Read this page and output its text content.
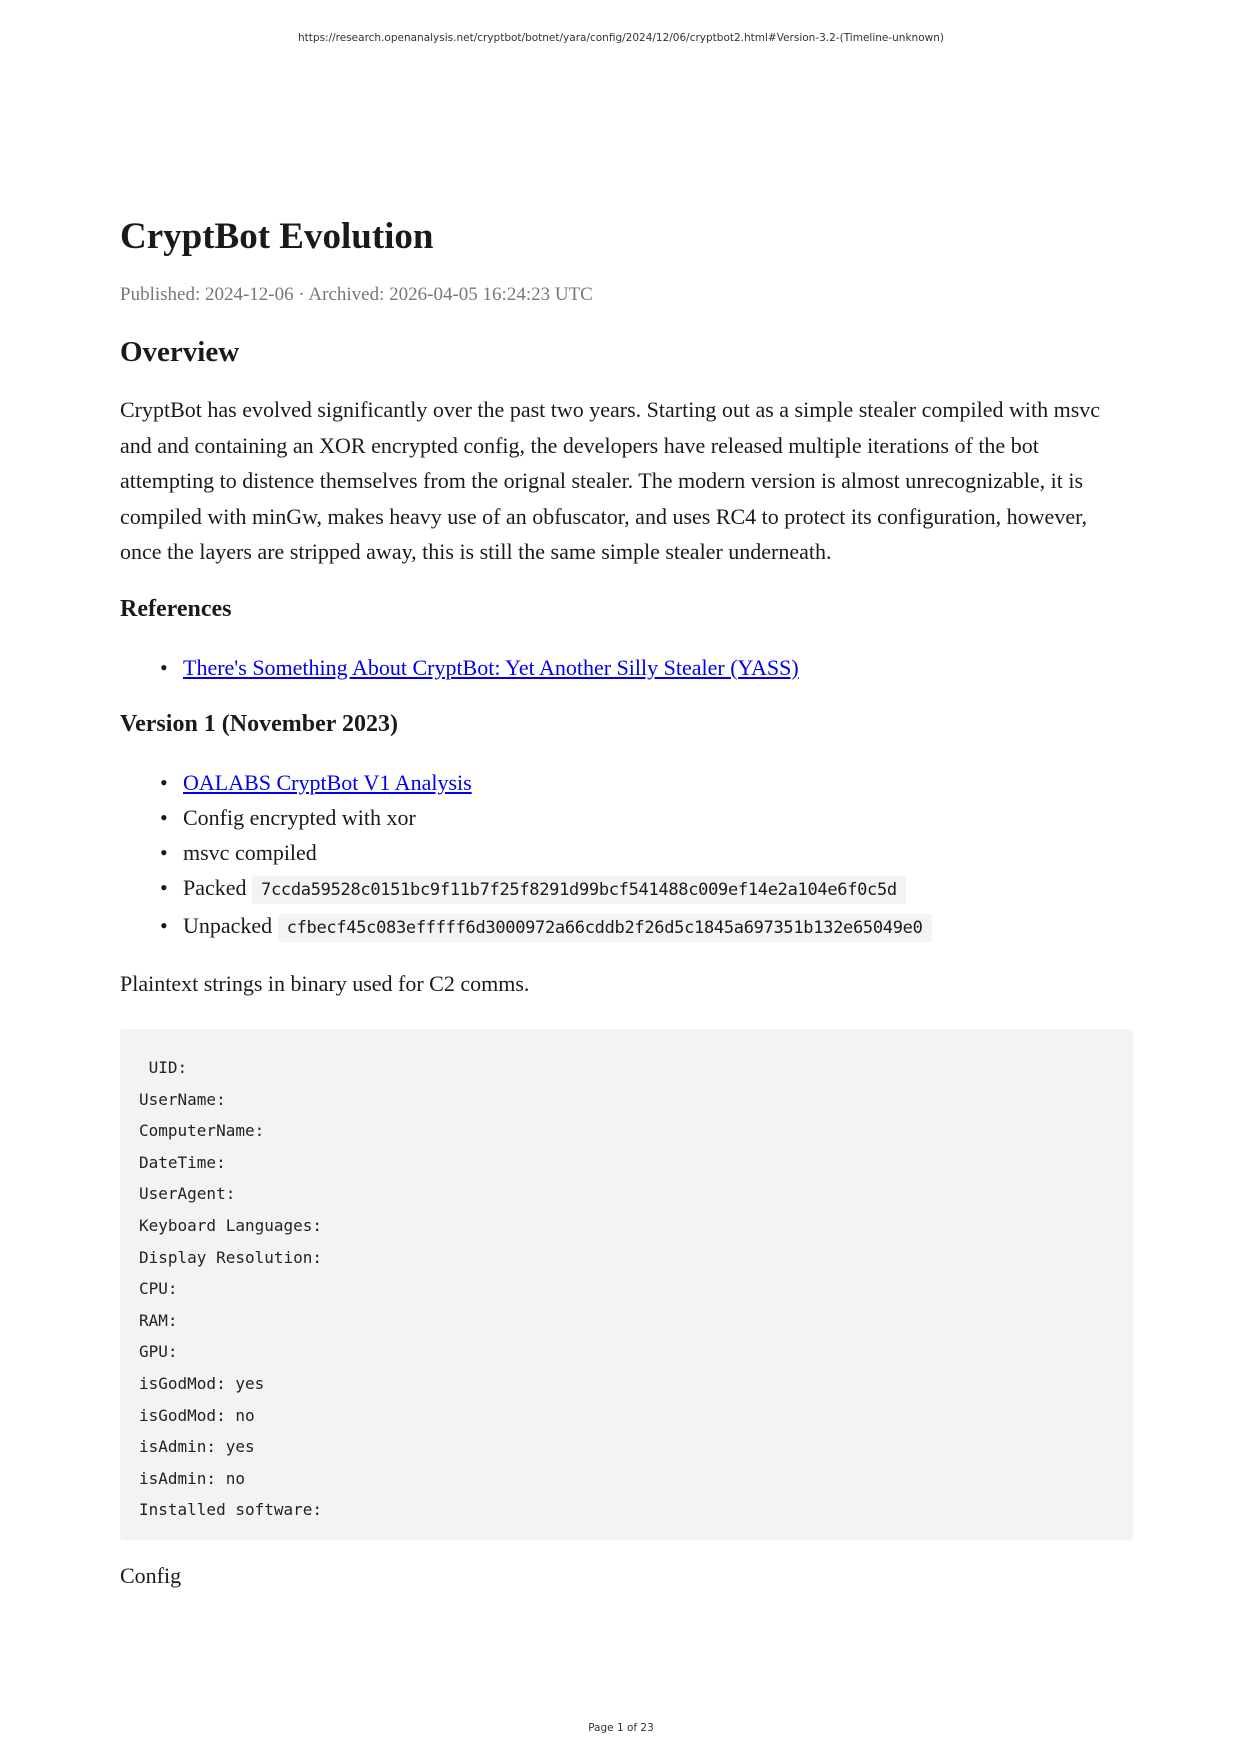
https://research.openanalysis.net/cryptbot/botnet/yara/config/2024/12/06/cryptbot2.html#Version-3.2-(Timeline-unknown)
CryptBot Evolution
Published: 2024-12-06 · Archived: 2026-04-05 16:24:23 UTC
Overview

CryptBot has evolved significantly over the past two years. Starting out as a simple stealer compiled with msvc and and containing an XOR encrypted config, the developers have released multiple iterations of the bot attempting to distence themselves from the orignal stealer. The modern version is almost unrecognizable, it is compiled with minGw, makes heavy use of an obfuscator, and uses RC4 to protect its configuration, however, once the layers are stripped away, this is still the same simple stealer underneath.

References
• There's Something About CryptBot: Yet Another Silly Stealer (YASS)
Version 1 (November 2023)
• OALABS CryptBot V1 Analysis
• Config encrypted with xor
• msvc compiled
• Packed 7ccda59528c0151bc9f11b7f25f8291d99bcf541488c009ef14e2a104e6f0c5d
• Unpacked cfbecf45c083efffff6d3000972a66cddb2f26d5c1845a697351b132e65049e0

Plaintext strings in binary used for C2 comms.

UID:
UserName:
ComputerName:
DateTime:
UserAgent:
Keyboard Languages:
Display Resolution:
CPU:
RAM:
GPU:
isGodMod: yes
isGodMod: no
isAdmin: yes
isAdmin: no
Installed software:

Config

Page 1 of 23
